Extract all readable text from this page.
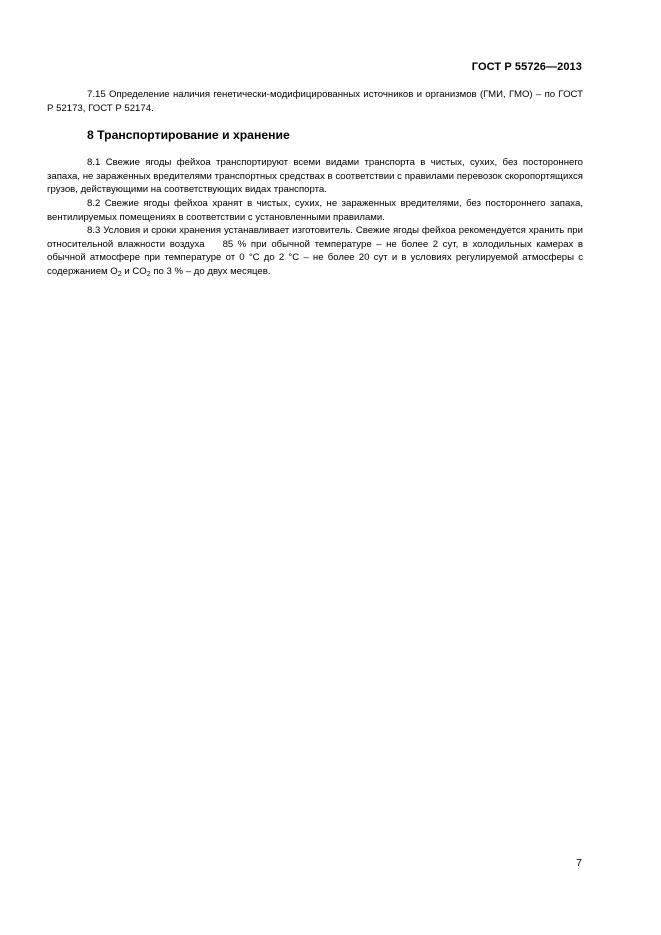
ГОСТ Р 55726—2013

7.15 Определение наличия генетически-модифицированных источников и организмов (ГМИ, ГМО) – по ГОСТ Р 52173, ГОСТ Р 52174.

8 Транспортирование и хранение

8.1 Свежие ягоды фейхоа транспортируют всеми видами транспорта в чистых, сухих, без постороннего запаха, не зараженных вредителями транспортных средствах в соответствии с правилами перевозок скоропортящихся грузов, действующими на соответствующих видах транспорта.

8.2 Свежие ягоды фейхоа хранят в чистых, сухих, не зараженных вредителями, без постороннего запаха, вентилируемых помещениях в соответствии с установленными правилами.

8.3 Условия и сроки хранения устанавливает изготовитель. Свежие ягоды фейхоа рекомендуется хранить при относительной влажности воздуха 85 % при обычной температуре – не более 2 сут, в холодильных камерах в обычной атмосфере при температуре от 0 °С до 2 °С – не более 20 сут и в условиях регулируемой атмосферы с содержанием $O_2$ и $CO_2$ по 3 % – до двух месяцев.

7
